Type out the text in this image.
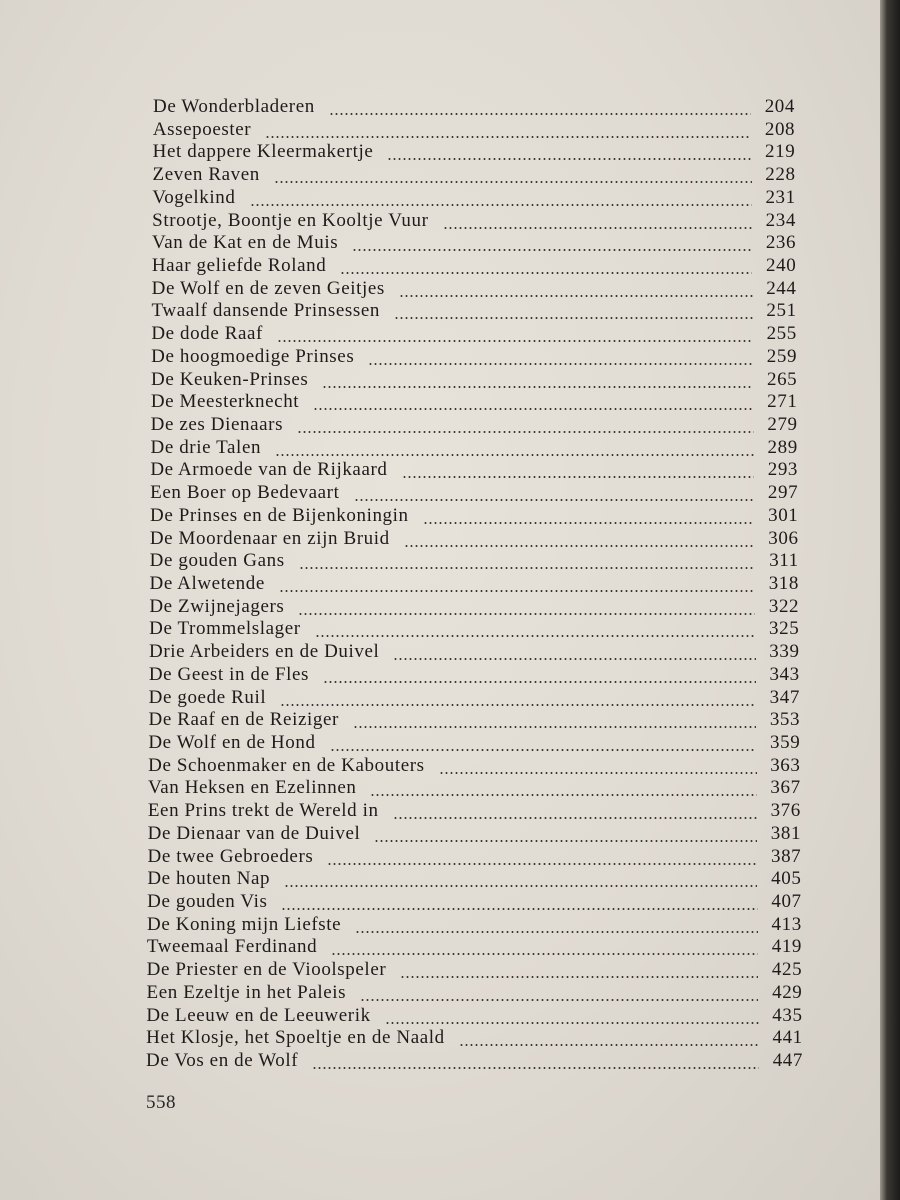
De Wonderbladeren	204
Assepoester	208
Het dappere Kleermakertje	219
Zeven Raven	228
Vogelkind	231
Strootje, Boontje en Kooltje Vuur	234
Van de Kat en de Muis	236
Haar geliefde Roland	240
De Wolf en de zeven Geitjes	244
Twaalf dansende Prinsessen	251
De dode Raaf	255
De hoogmoedige Prinses	259
De Keuken-Prinses	265
De Meesterknecht	271
De zes Dienaars	279
De drie Talen	289
De Armoede van de Rijkaard	293
Een Boer op Bedevaart	297
De Prinses en de Bijenkoningin	301
De Moordenaar en zijn Bruid	306
De gouden Gans	311
De Alwetende	318
De Zwijnejagers	322
De Trommelslager	325
Drie Arbeiders en de Duivel	339
De Geest in de Fles	343
De goede Ruil	347
De Raaf en de Reiziger	353
De Wolf en de Hond	359
De Schoenmaker en de Kabouters	363
Van Heksen en Ezelinnen	367
Een Prins trekt de Wereld in	376
De Dienaar van de Duivel	381
De twee Gebroeders	387
De houten Nap	405
De gouden Vis	407
De Koning mijn Liefste	413
Tweemaal Ferdinand	419
De Priester en de Vioolspeler	425
Een Ezeltje in het Paleis	429
De Leeuw en de Leeuwerik	435
Het Klosje, het Spoeltje en de Naald	441
De Vos en de Wolf	447
558
